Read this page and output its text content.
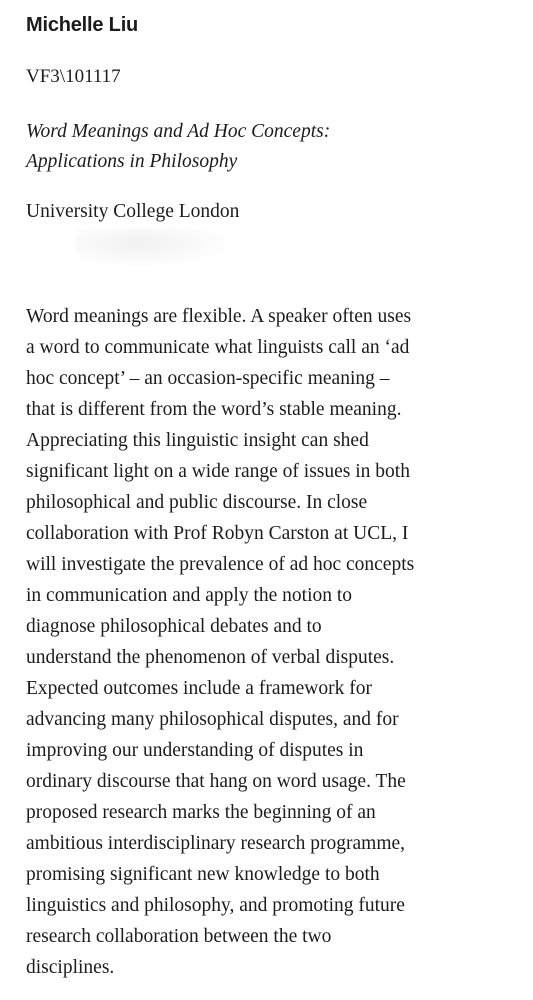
Michelle Liu
VF3\101117
Word Meanings and Ad Hoc Concepts:
Applications in Philosophy
University College London
Word meanings are flexible. A speaker often uses
a word to communicate what linguists call an ‘ad
hoc concept’ – an occasion-specific meaning –
that is different from the word’s stable meaning.
Appreciating this linguistic insight can shed
significant light on a wide range of issues in both
philosophical and public discourse. In close
collaboration with Prof Robyn Carston at UCL, I
will investigate the prevalence of ad hoc concepts
in communication and apply the notion to
diagnose philosophical debates and to
understand the phenomenon of verbal disputes.
Expected outcomes include a framework for
advancing many philosophical disputes, and for
improving our understanding of disputes in
ordinary discourse that hang on word usage. The
proposed research marks the beginning of an
ambitious interdisciplinary research programme,
promising significant new knowledge to both
linguistics and philosophy, and promoting future
research collaboration between the two
disciplines.
